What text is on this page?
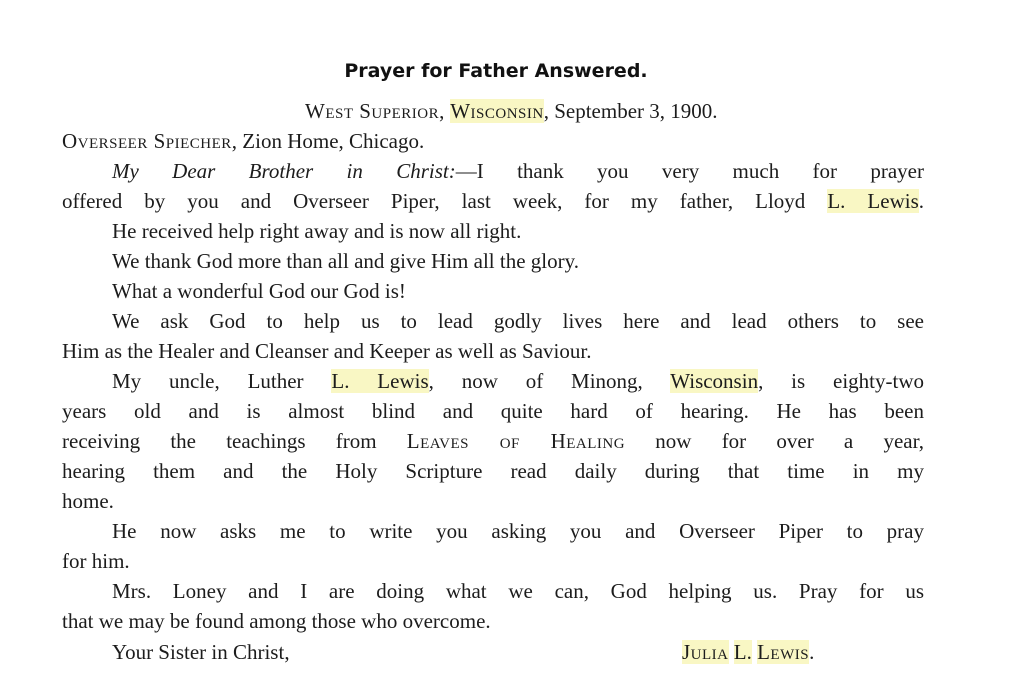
Prayer for Father Answered.
West Superior, Wisconsin, September 3, 1900.
Overseer Spiecher, Zion Home, Chicago.
My Dear Brother in Christ:—I thank you very much for prayer
offered by you and Overseer Piper, last week, for my father, Lloyd L. Lewis.
He received help right away and is now all right.
We thank God more than all and give Him all the glory.
What a wonderful God our God is!
We ask God to help us to lead godly lives here and lead others to see
Him as the Healer and Cleanser and Keeper as well as Saviour.
My uncle, Luther L. Lewis, now of Minong, Wisconsin, is eighty-two
years old and is almost blind and quite hard of hearing. He has been
receiving the teachings from Leaves of Healing now for over a year,
hearing them and the Holy Scripture read daily during that time in my
home.
He now asks me to write you asking you and Overseer Piper to pray
for him.
Mrs. Loney and I are doing what we can, God helping us. Pray for us
that we may be found among those who overcome.
Your Sister in Christ,	Julia L. Lewis.
